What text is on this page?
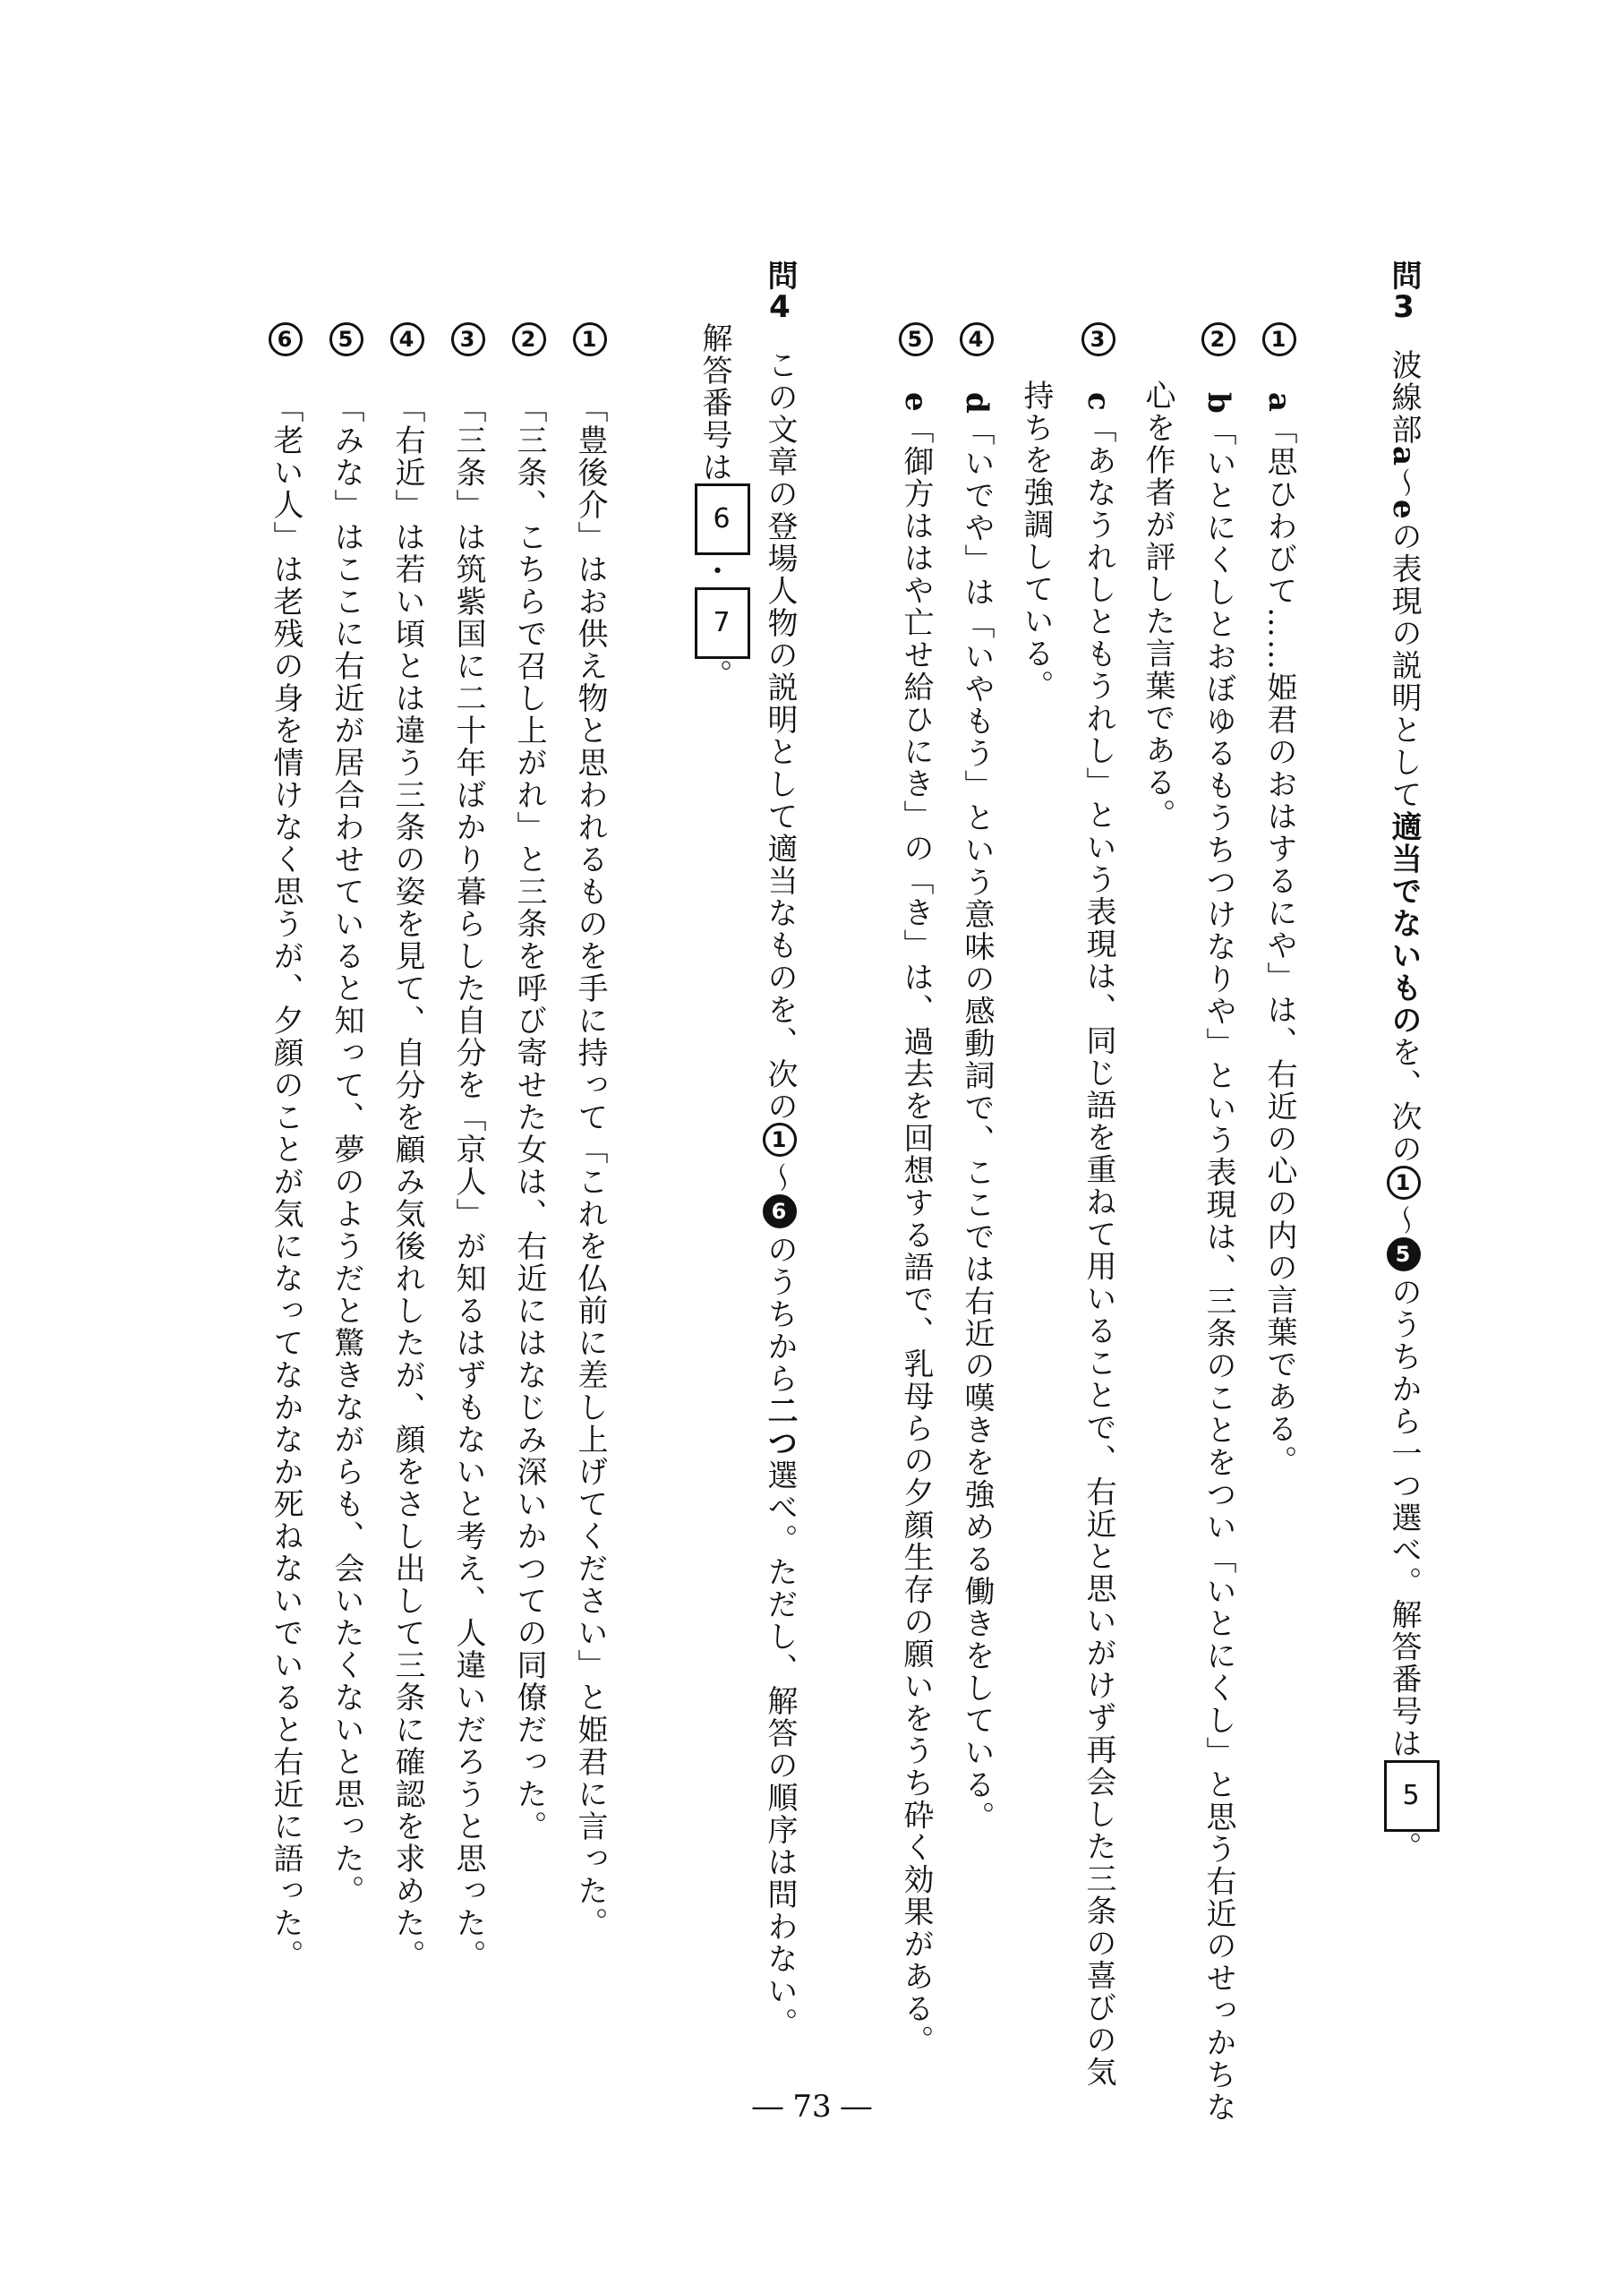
問3波線部a～eの表現の説明として適当でないものを、次の1～5のうちから一つ選べ。解答番号は5。
1a「思ひわびて……姫君のおはするにや」は、右近の心の内の言葉である。
2b「いとにくしとおぼゆるもうちつけなりや」という表現は、三条のことをつい「いとにくし」と思う右近のせっかちな
心を作者が評した言葉である。
3c「あなうれしともうれし」という表現は、同じ語を重ねて用いることで、右近と思いがけず再会した三条の喜びの気
持ちを強調している。
4d「いでや」は「いやもう」という意味の感動詞で、ここでは右近の嘆きを強める働きをしている。
5e「御方ははや亡せ給ひにき」の「き」は、過去を回想する語で、乳母らの夕顔生存の願いをうち砕く効果がある。
問4この文章の登場人物の説明として適当なものを、次の1～6のうちから二つ選べ。ただし、解答の順序は問わない。
解答番号は6・7。
1「豊後介」はお供え物と思われるものを手に持って「これを仏前に差し上げてください」と姫君に言った。
2「三条、こちらで召し上がれ」と三条を呼び寄せた女は、右近にはなじみ深いかつての同僚だった。
3「三条」は筑紫国に二十年ばかり暮らした自分を「京人」が知るはずもないと考え、人違いだろうと思った。
4「右近」は若い頃とは違う三条の姿を見て、自分を顧み気後れしたが、顔をさし出して三条に確認を求めた。
5「みな」はここに右近が居合わせていると知って、夢のようだと驚きながらも、会いたくないと思った。
6「老い人」は老残の身を情けなく思うが、夕顔のことが気になってなかなか死ねないでいると右近に語った。
― 73 ―
